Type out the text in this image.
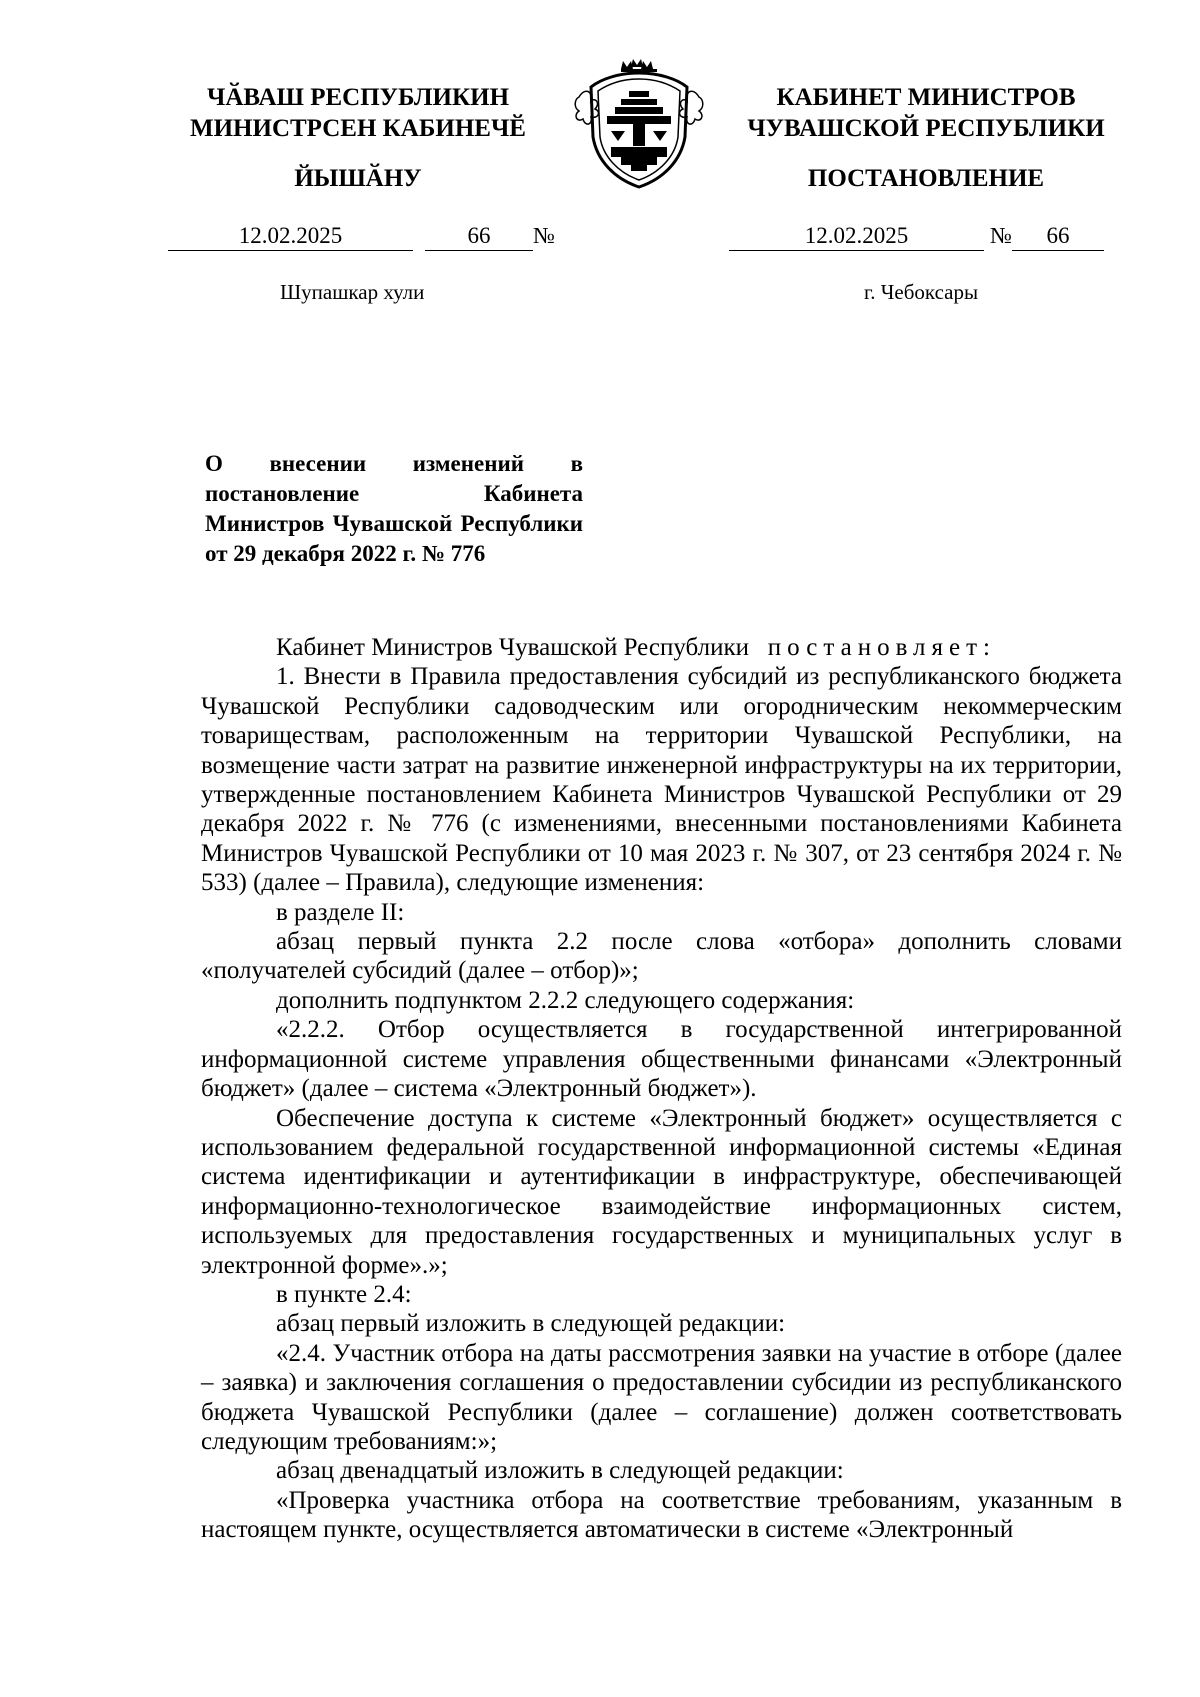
ЧӐВАШ РЕСПУБЛИКИН
МИНИСТРСЕН КАБИНЕЧӖ
ЙЫШӐНУ
КАБИНЕТ МИНИСТРОВ
ЧУВАШСКОЙ РЕСПУБЛИКИ
ПОСТАНОВЛЕНИЕ
12.02.2025	66 №	12.02.2025	№ 66
Шупашкар хули	г. Чебоксары
О внесении изменений в постановление Кабинета Министров Чувашской Республики от 29 декабря 2022 г. № 776

Кабинет Министров Чувашской Республики постановляет:

1. Внести в Правила предоставления субсидий из республиканского бюджета Чувашской Республики садоводческим или огородническим некоммерческим товариществам, расположенным на территории Чувашской Республики, на возмещение части затрат на развитие инженерной инфраструктуры на их территории, утвержденные постановлением Кабинета Министров Чувашской Республики от 29 декабря 2022 г. № 776 (с изменениями, внесенными постановлениями Кабинета Министров Чувашской Республики от 10 мая 2023 г. № 307, от 23 сентября 2024 г. № 533) (далее – Правила), следующие изменения:

в разделе II:

абзац первый пункта 2.2 после слова «отбора» дополнить словами «получателей субсидий (далее – отбор)»;

дополнить подпунктом 2.2.2 следующего содержания:

«2.2.2. Отбор осуществляется в государственной интегрированной информационной системе управления общественными финансами «Электронный бюджет» (далее – система «Электронный бюджет»).

Обеспечение доступа к системе «Электронный бюджет» осуществляется с использованием федеральной государственной информационной системы «Единая система идентификации и аутентификации в инфраструктуре, обеспечивающей информационно-технологическое взаимодействие информационных систем, используемых для предоставления государственных и муниципальных услуг в электронной форме».»;

в пункте 2.4:

абзац первый изложить в следующей редакции:

«2.4. Участник отбора на даты рассмотрения заявки на участие в отборе (далее – заявка) и заключения соглашения о предоставлении субсидии из республиканского бюджета Чувашской Республики (далее – соглашение) должен соответствовать следующим требованиям:»;

абзац двенадцатый изложить в следующей редакции:

«Проверка участника отбора на соответствие требованиям, указанным в настоящем пункте, осуществляется автоматически в системе «Электронный
